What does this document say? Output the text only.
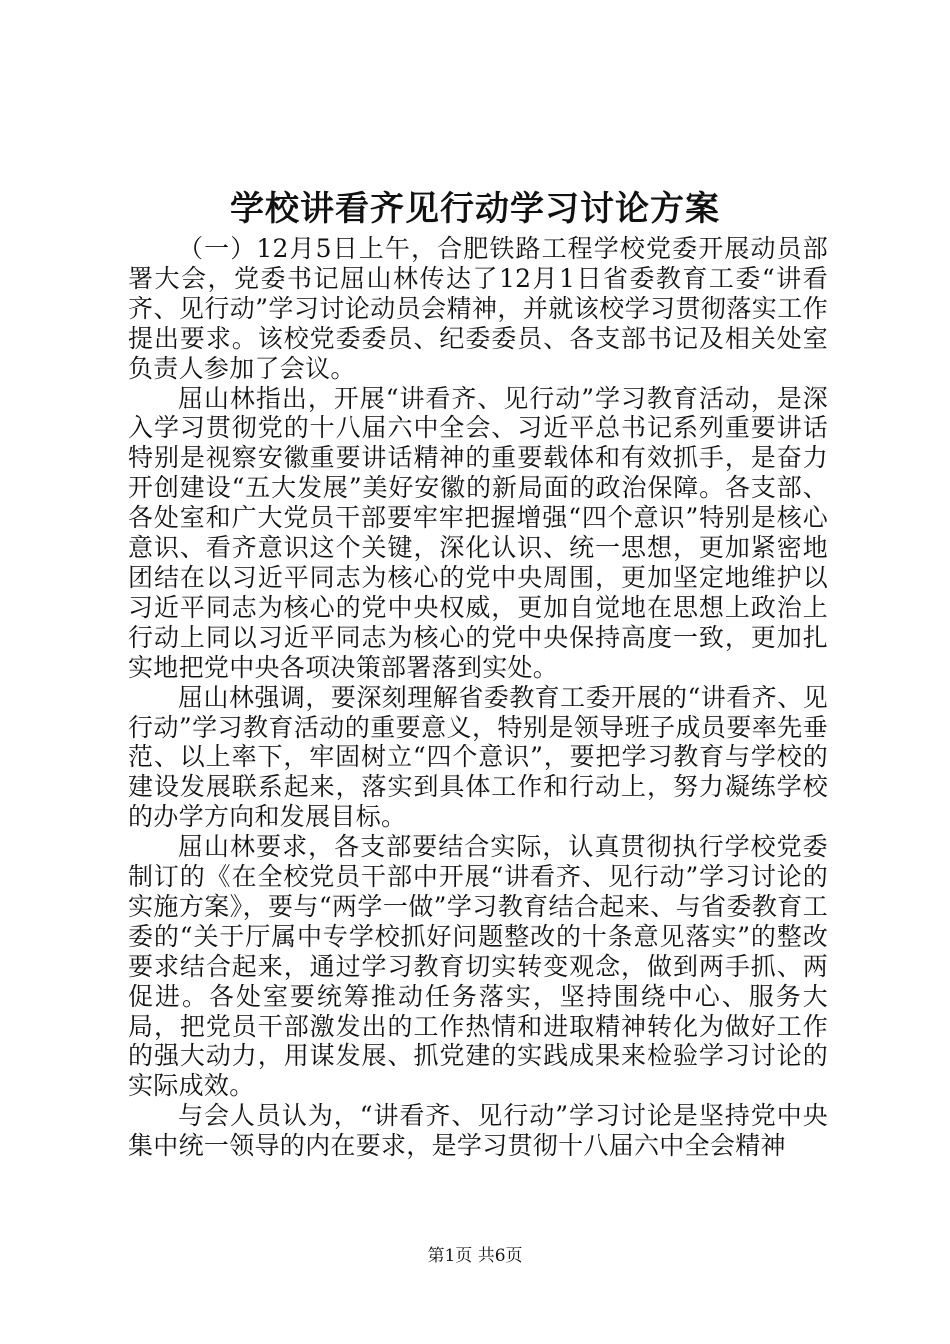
学校讲看齐见行动学习讨论方案

（一）12月5日上午，合肥铁路工程学校党委开展动员部署大会，党委书记屈山林传达了12月1日省委教育工委“讲看齐、见行动”学习讨论动员会精神，并就该校学习贯彻落实工作提出要求。该校党委委员、纪委委员、各支部书记及相关处室负责人参加了会议。

屈山林指出，开展“讲看齐、见行动”学习教育活动，是深入学习贯彻党的十八届六中全会、习近平总书记系列重要讲话特别是视察安徽重要讲话精神的重要载体和有效抓手，是奋力开创建设“五大发展”美好安徽的新局面的政治保障。各支部、各处室和广大党员干部要牢牢把握增强“四个意识”特别是核心意识、看齐意识这个关键，深化认识、统一思想，更加紧密地团结在以习近平同志为核心的党中央周围，更加坚定地维护以习近平同志为核心的党中央权威，更加自觉地在思想上政治上行动上同以习近平同志为核心的党中央保持高度一致，更加扎实地把党中央各项决策部署落到实处。

屈山林强调，要深刻理解省委教育工委开展的“讲看齐、见行动”学习教育活动的重要意义，特别是领导班子成员要率先垂范、以上率下，牢固树立“四个意识”，要把学习教育与学校的建设发展联系起来，落实到具体工作和行动上，努力凝练学校的办学方向和发展目标。

屈山林要求，各支部要结合实际，认真贯彻执行学校党委制订的《在全校党员干部中开展“讲看齐、见行动”学习讨论的实施方案》，要与“两学一做”学习教育结合起来、与省委教育工委的“关于厅属中专学校抓好问题整改的十条意见落实”的整改要求结合起来，通过学习教育切实转变观念，做到两手抓、两促进。各处室要统筹推动任务落实，坚持围绕中心、服务大局，把党员干部激发出的工作热情和进取精神转化为做好工作的强大动力，用谋发展、抓党建的实践成果来检验学习讨论的实际成效。

与会人员认为，“讲看齐、见行动”学习讨论是坚持党中央集中统一领导的内在要求，是学习贯彻十八届六中全会精神

第1页 共6页
